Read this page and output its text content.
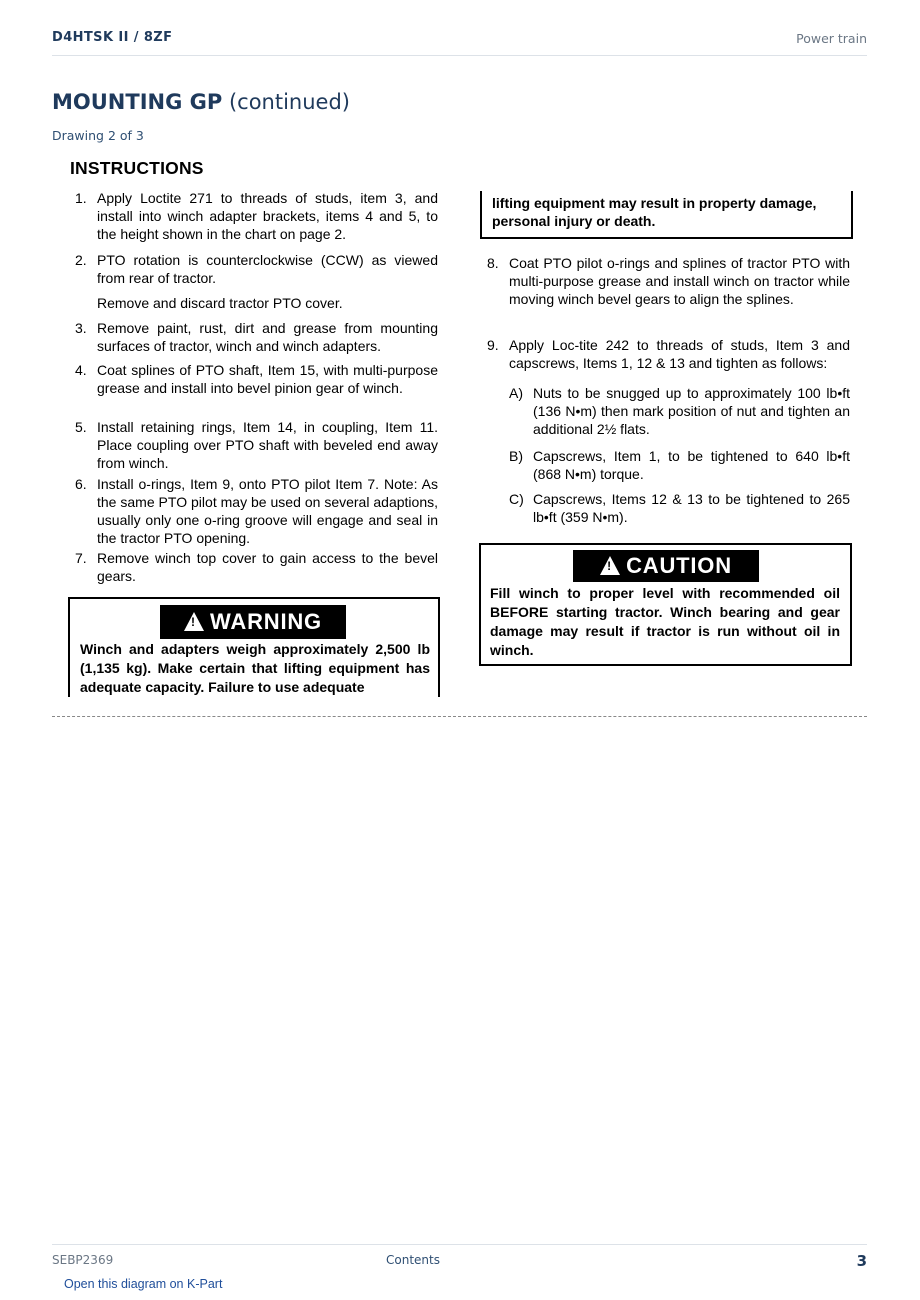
D4HTSK II / 8ZF	Power train
MOUNTING GP (continued)
Drawing 2 of 3
INSTRUCTIONS
1. Apply Loctite 271 to threads of studs, item 3, and install into winch adapter brackets, items 4 and 5, to the height shown in the chart on page 2.
2. PTO rotation is counterclockwise (CCW) as viewed from rear of tractor.
Remove and discard tractor PTO cover.
3. Remove paint, rust, dirt and grease from mounting surfaces of tractor, winch and winch adapters.
4. Coat splines of PTO shaft, Item 15, with multi-purpose grease and install into bevel pinion gear of winch.
5. Install retaining rings, Item 14, in coupling, Item 11. Place coupling over PTO shaft with beveled end away from winch.
6. Install o-rings, Item 9, onto PTO pilot Item 7. Note: As the same PTO pilot may be used on several adaptions, usually only one o-ring groove will engage and seal in the tractor PTO opening.
7. Remove winch top cover to gain access to the bevel gears.
!WARNING
Winch and adapters weigh approximately 2,500 lb (1,135 kg). Make certain that lifting equipment has adequate capacity. Failure to use adequate
lifting equipment may result in property damage, personal injury or death.
8. Coat PTO pilot o-rings and splines of tractor PTO with multi-purpose grease and install winch on tractor while moving winch bevel gears to align the splines.
9. Apply Loc-tite 242 to threads of studs, Item 3 and capscrews, Items 1, 12 & 13 and tighten as follows:
A) Nuts to be snugged up to approximately 100 lb•ft (136 N•m) then mark position of nut and tighten an additional 2½ flats.
B) Capscrews, Item 1, to be tightened to 640 lb•ft (868 N•m) torque.
C) Capscrews, Items 12 & 13 to be tightened to 265 lb•ft (359 N•m).
!CAUTION
Fill winch to proper level with recommended oil BEFORE starting tractor. Winch bearing and gear damage may result if tractor is run without oil in winch.
SEBP2369	Contents	3
Open this diagram on K-Part
